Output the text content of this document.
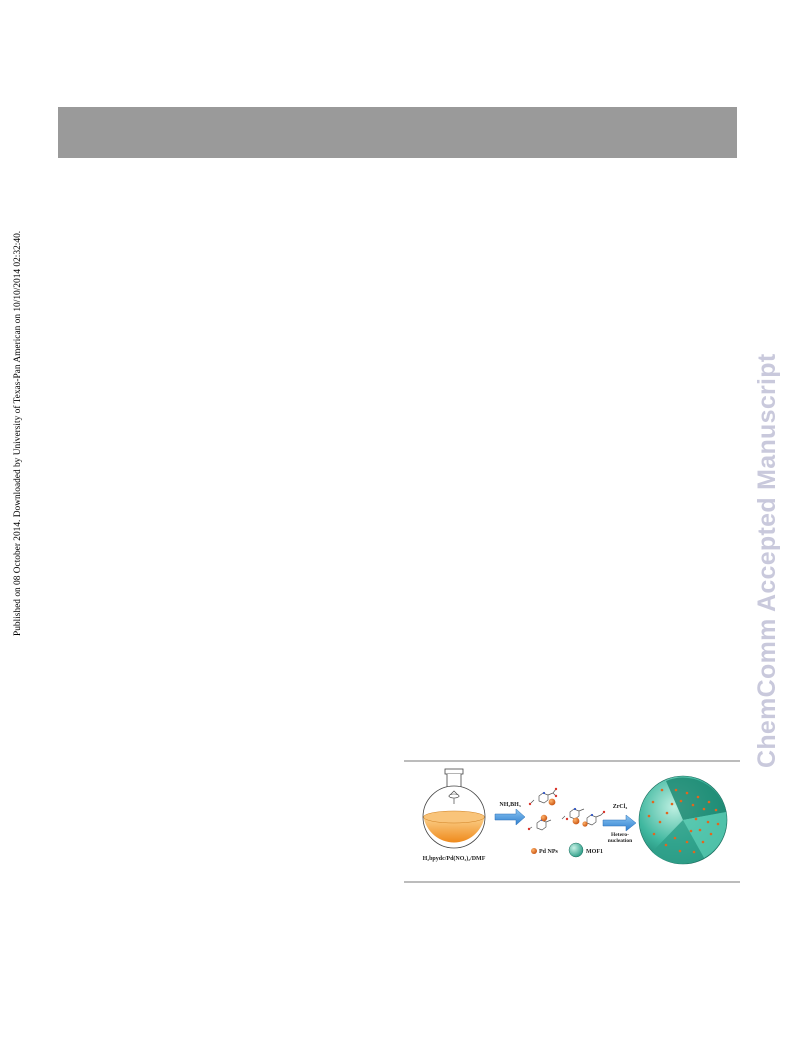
Published on 08 October 2014. Downloaded by University of Texas-Pan American on 10/10/2014 02:32:40.	ChemComm Accepted Manuscript
H₂bpydc/Pd(NO₃)₂/DMF
NH₃BH₃	ZrCl₄
Hetero-
nucleation
Pd NPs	MOF1
